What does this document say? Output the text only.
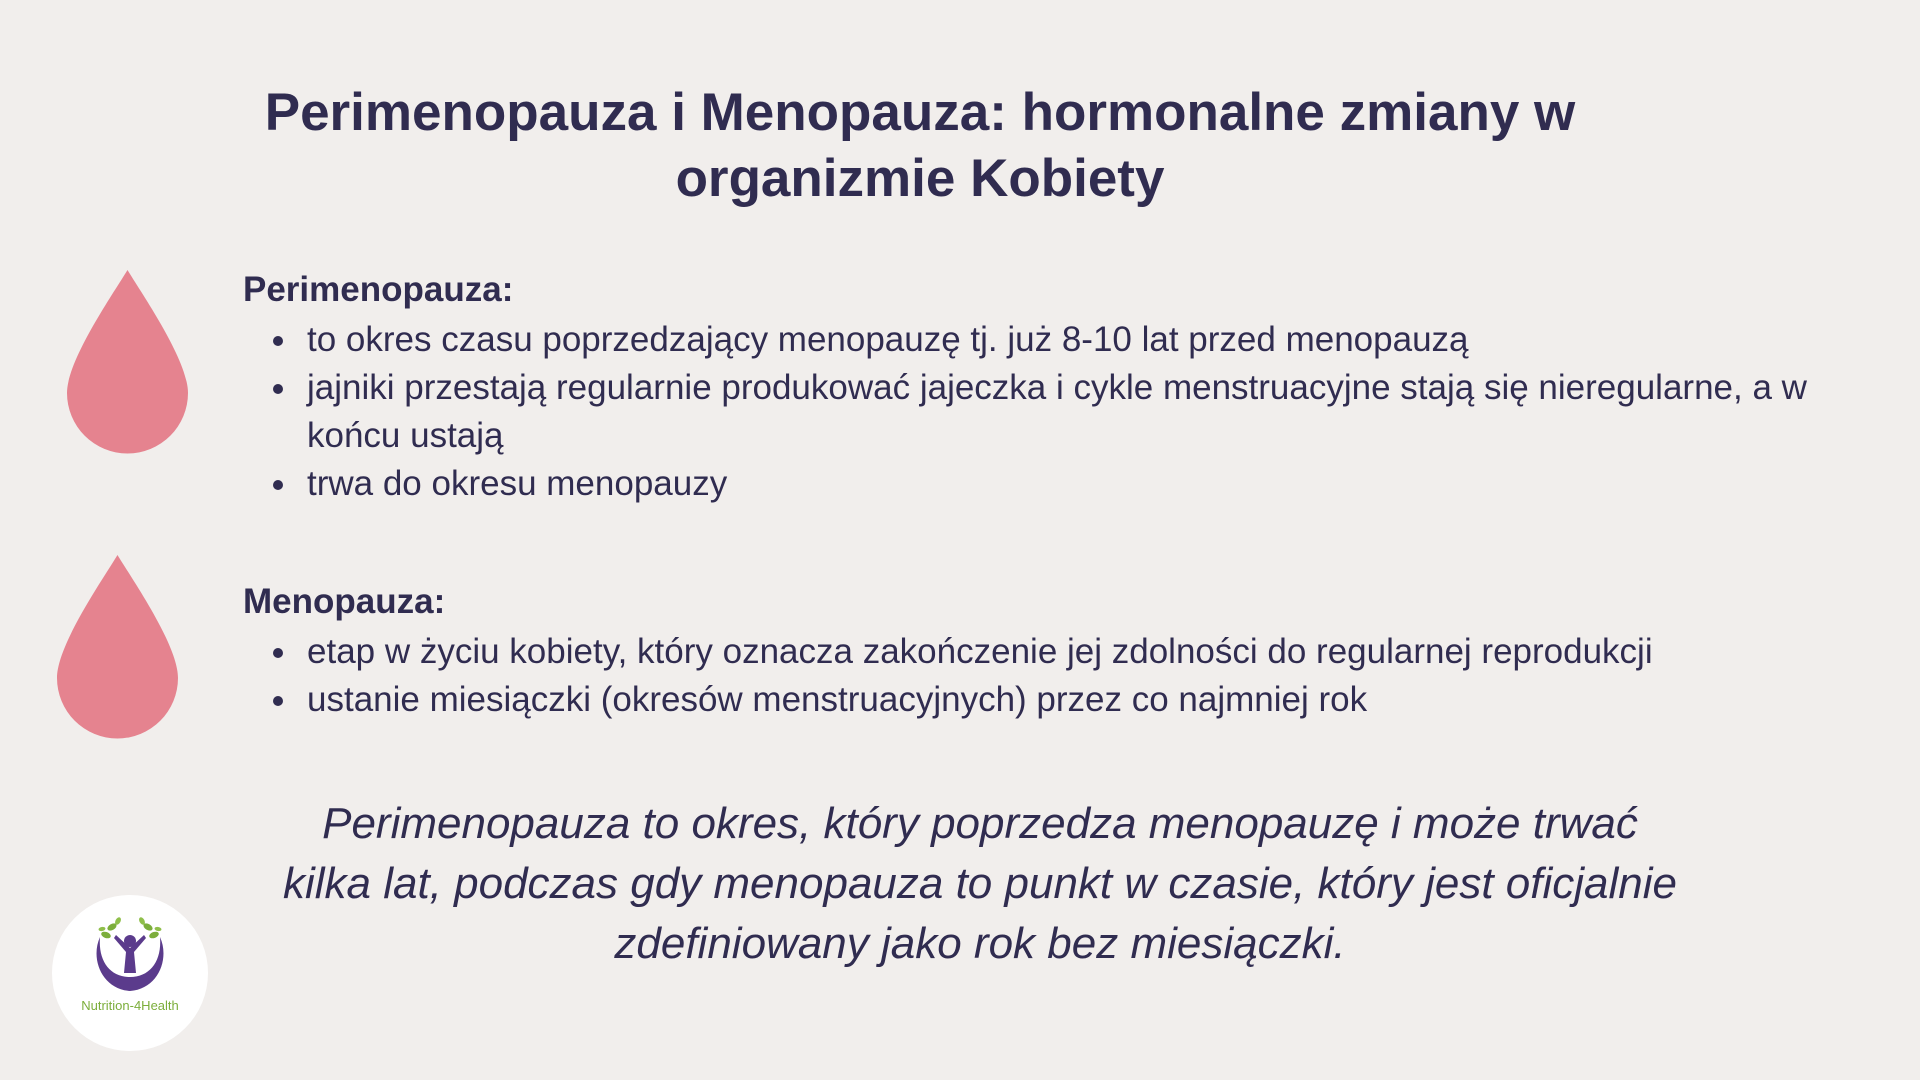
Perimenopauza i Menopauza: hormonalne zmiany w organizmie Kobiety
Perimenopauza:
to okres czasu poprzedzający menopauzę tj. już 8-10 lat przed menopauzą
jajniki przestają regularnie produkować jajeczka i cykle menstruacyjne stają się nieregularne, a w końcu ustają
trwa do okresu menopauzy
Menopauza:
etap w życiu kobiety, który oznacza zakończenie jej zdolności do regularnej reprodukcji
ustanie miesiączki (okresów menstruacyjnych) przez co najmniej rok

Perimenopauza to okres, który poprzedza menopauzę i może trwać kilka lat, podczas gdy menopauza to punkt w czasie, który jest oficjalnie zdefiniowany jako rok bez miesiączki.

Nutrition-4Health
